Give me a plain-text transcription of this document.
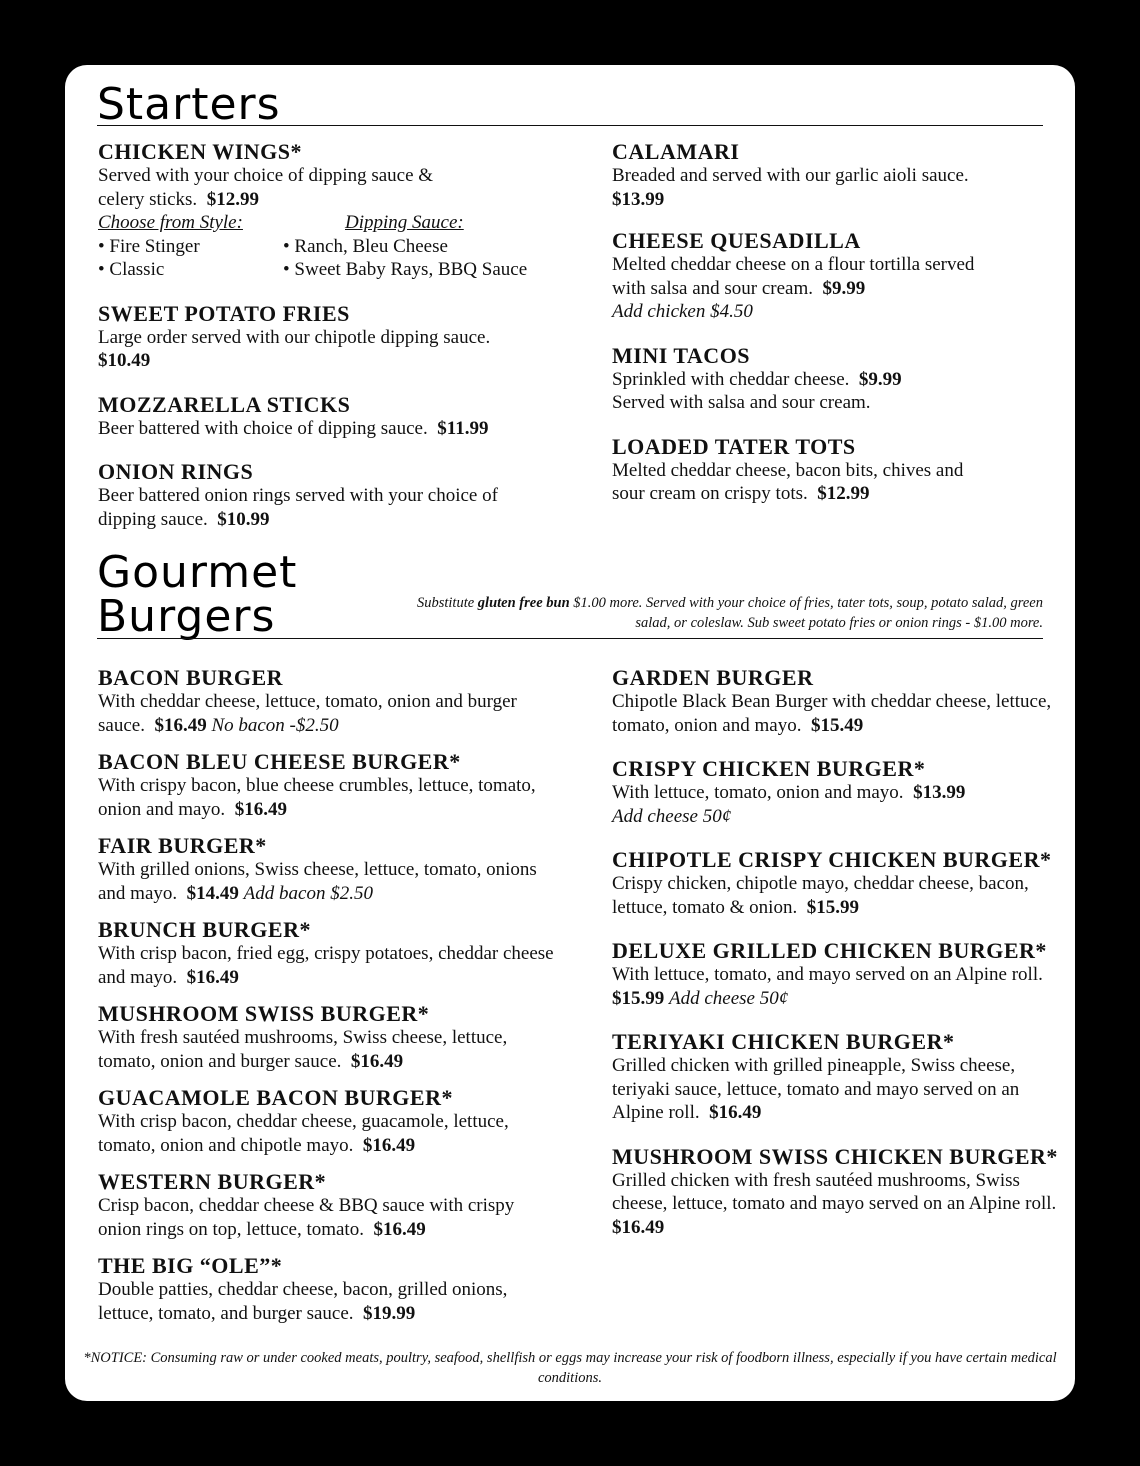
Starters
CHICKEN WINGS*
Served with your choice of dipping sauce &
celery sticks. $12.99
Choose from Style:	Dipping Sauce:
• Fire Stinger	• Ranch, Bleu Cheese
• Classic	• Sweet Baby Rays, BBQ Sauce
SWEET POTATO FRIES
Large order served with our chipotle dipping sauce.
$10.49
MOZZARELLA STICKS
Beer battered with choice of dipping sauce. $11.99
ONION RINGS
Beer battered onion rings served with your choice of dipping sauce. $10.99
CALAMARI
Breaded and served with our garlic aioli sauce.  $13.99
CHEESE QUESADILLA
Melted cheddar cheese on a flour tortilla served with salsa and sour cream. $9.99
Add chicken $4.50
MINI TACOS
Sprinkled with cheddar cheese. $9.99
Served with salsa and sour cream.
LOADED TATER TOTS
Melted cheddar cheese, bacon bits, chives and sour cream on crispy tots. $12.99
Gourmet
Burgers	Substitute gluten free bun $1.00 more. Served with your choice of fries, tater tots, soup, potato salad, green salad, or coleslaw. Sub sweet potato fries or onion rings - $1.00 more.
BACON BURGER
With cheddar cheese, lettuce, tomato, onion and burger sauce. $16.49 No bacon -$2.50
BACON BLEU CHEESE BURGER*
With crispy bacon, blue cheese crumbles, lettuce, tomato, onion and mayo. $16.49
FAIR BURGER*
With grilled onions, Swiss cheese, lettuce, tomato, onions and mayo. $14.49 Add bacon $2.50
BRUNCH BURGER*
With crisp bacon, fried egg, crispy potatoes, cheddar cheese and mayo. $16.49
MUSHROOM SWISS BURGER*
With fresh sautéed mushrooms, Swiss cheese, lettuce, tomato, onion and burger sauce. $16.49
GUACAMOLE BACON BURGER*
With crisp bacon, cheddar cheese, guacamole, lettuce, tomato, onion and chipotle mayo. $16.49
WESTERN BURGER*
Crisp bacon, cheddar cheese & BBQ sauce with crispy onion rings on top, lettuce, tomato. $16.49
THE BIG “OLE”*
Double patties, cheddar cheese, bacon, grilled onions, lettuce, tomato, and burger sauce. $19.99
GARDEN BURGER
Chipotle Black Bean Burger with cheddar cheese, lettuce, tomato, onion and mayo. $15.49
CRISPY CHICKEN BURGER*
With lettuce, tomato, onion and mayo. $13.99
Add cheese 50¢
CHIPOTLE CRISPY CHICKEN BURGER*
Crispy chicken, chipotle mayo, cheddar cheese, bacon, lettuce, tomato & onion. $15.99
DELUXE GRILLED CHICKEN BURGER*
With lettuce, tomato, and mayo served on an Alpine roll.  $15.99 Add cheese 50¢
TERIYAKI CHICKEN BURGER*
Grilled chicken with grilled pineapple, Swiss cheese, teriyaki sauce, lettuce, tomato and mayo served on an Alpine roll. $16.49
MUSHROOM SWISS CHICKEN BURGER*
Grilled chicken with fresh sautéed mushrooms, Swiss cheese, lettuce, tomato and mayo served on an Alpine roll.  $16.49
*NOTICE: Consuming raw or under cooked meats, poultry, seafood, shellfish or eggs may increase your risk of foodborn illness, especially if you have certain medical conditions.
